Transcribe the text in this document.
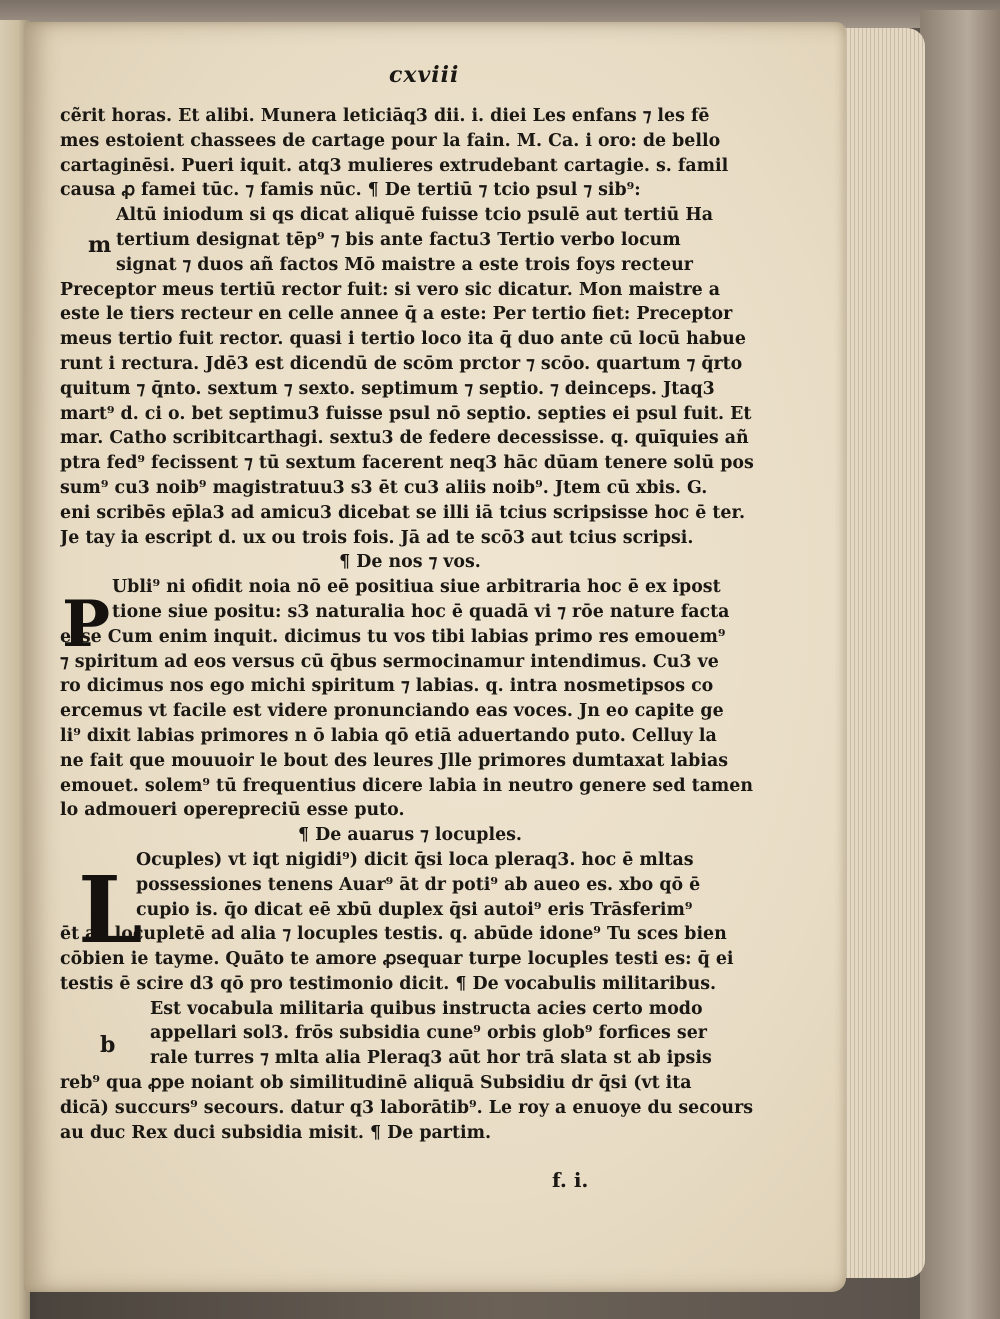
cxviii
cẽrit horas. Et alibi. Munera leticiāq3 dii. i. diei Les enfans ⁊ les fē
mes estoient chassees de cartage pour la fain. M. Ca. i oro: de bello
cartaginēsi. Pueri iquit. atq3 mulieres extrudebant cartagie. s. famil
causa ꝓ famei tūc. ⁊ famis nūc. ¶ De tertiū ⁊ tcio psul ⁊ sib⁹:
Altū iniodum si qs dicat aliquē fuisse tcio psulē aut tertiū Ha
tertium designat tēp⁹ ⁊ bis ante factu3 Tertio verbo locum
signat ⁊ duos añ factos Mō maistre a este trois foys recteur
Preceptor meus tertiū rector fuit: si vero sic dicatur. Mon maistre a
este le tiers recteur en celle annee q̄ a este: Per tertio fiet: Preceptor
meus tertio fuit rector. quasi i tertio loco ita q̄ duo ante cū locū habue
runt i rectura. Jdē3 est dicendū de scōm prctor ⁊ scōo. quartum ⁊ q̄rto
quitum ⁊ q̄nto. sextum ⁊ sexto. septimum ⁊ septio. ⁊ deinceps. Jtaq3
mart⁹ d. ci o. bet septimu3 fuisse psul nō septio. septies ei psul fuit. Et
mar. Catho scribitcarthagi. sextu3 de federe decessisse. q. quīquies añ
ptra fed⁹ fecissent ⁊ tū sextum facerent neq3 hāc dūam tenere solū pos
sum⁹ cu3 noib⁹ magistratuu3 s3 ēt cu3 aliis noib⁹. Jtem cū xbis. G.
eni scribēs ep̄la3 ad amicu3 dicebat se illi iā tcius scripsisse hoc ē ter.
Je tay ia escript d. ux ou trois fois. Jā ad te scō3 aut tcius scripsi.
¶ De nos ⁊ vos.
Ubli⁹ ni ofidit noia nō eē positiua siue arbitraria hoc ē ex ipost
tione siue positu: s3 naturalia hoc ē quadā vi ⁊ rōe nature facta
esse Cum enim inquit. dicimus tu vos tibi labias primo res emouem⁹
⁊ spiritum ad eos versus cū q̄bus sermocinamur intendimus. Cu3 ve
ro dicimus nos ego michi spiritum ⁊ labias. q. intra nosmetipsos co
ercemus vt facile est videre pronunciando eas voces. Jn eo capite ge
li⁹ dixit labias primores n ō labia qō etiā aduertando puto. Celluy la
ne fait que mouuoir le bout des leures Jlle primores dumtaxat labias
emouet. solem⁹ tū frequentius dicere labia in neutro genere sed tamen
lo admoueri operepreciū esse puto.
¶ De auarus ⁊ locuples.
Ocuples) vt iqt nigidi⁹) dicit q̄si loca pleraq3. hoc ē mltas
possessiones tenens Auar⁹ āt dr poti⁹ ab aueo es. xbo qō ē
cupio is. q̄o dicat eē xbū duplex q̄si autoi⁹ eris Trāsferim⁹
ēt ad locupletē ad alia ⁊ locuples testis. q. abūde idone⁹ Tu sces bien
cōbien ie tayme. Quāto te amore ꝓsequar turpe locuples testi es: q̄ ei
testis ē scire d3 qō pro testimonio dicit. ¶ De vocabulis militaribus.
Est vocabula militaria quibus instructa acies certo modo
appellari sol3. frōs subsidia cune⁹ orbis glob⁹ forfices ser
rale turres ⁊ mlta alia Pleraq3 aūt hor trā slata st ab ipsis
reb⁹ qua ꝓpe noiant ob similitudinē aliquā Subsidiu dr q̄si (vt ita
dicā) succurs⁹ secours. datur q3 laborātib⁹. Le roy a enuoye du secours
au duc Rex duci subsidia misit. ¶ De partim.
m
b
P
L
f. i.
